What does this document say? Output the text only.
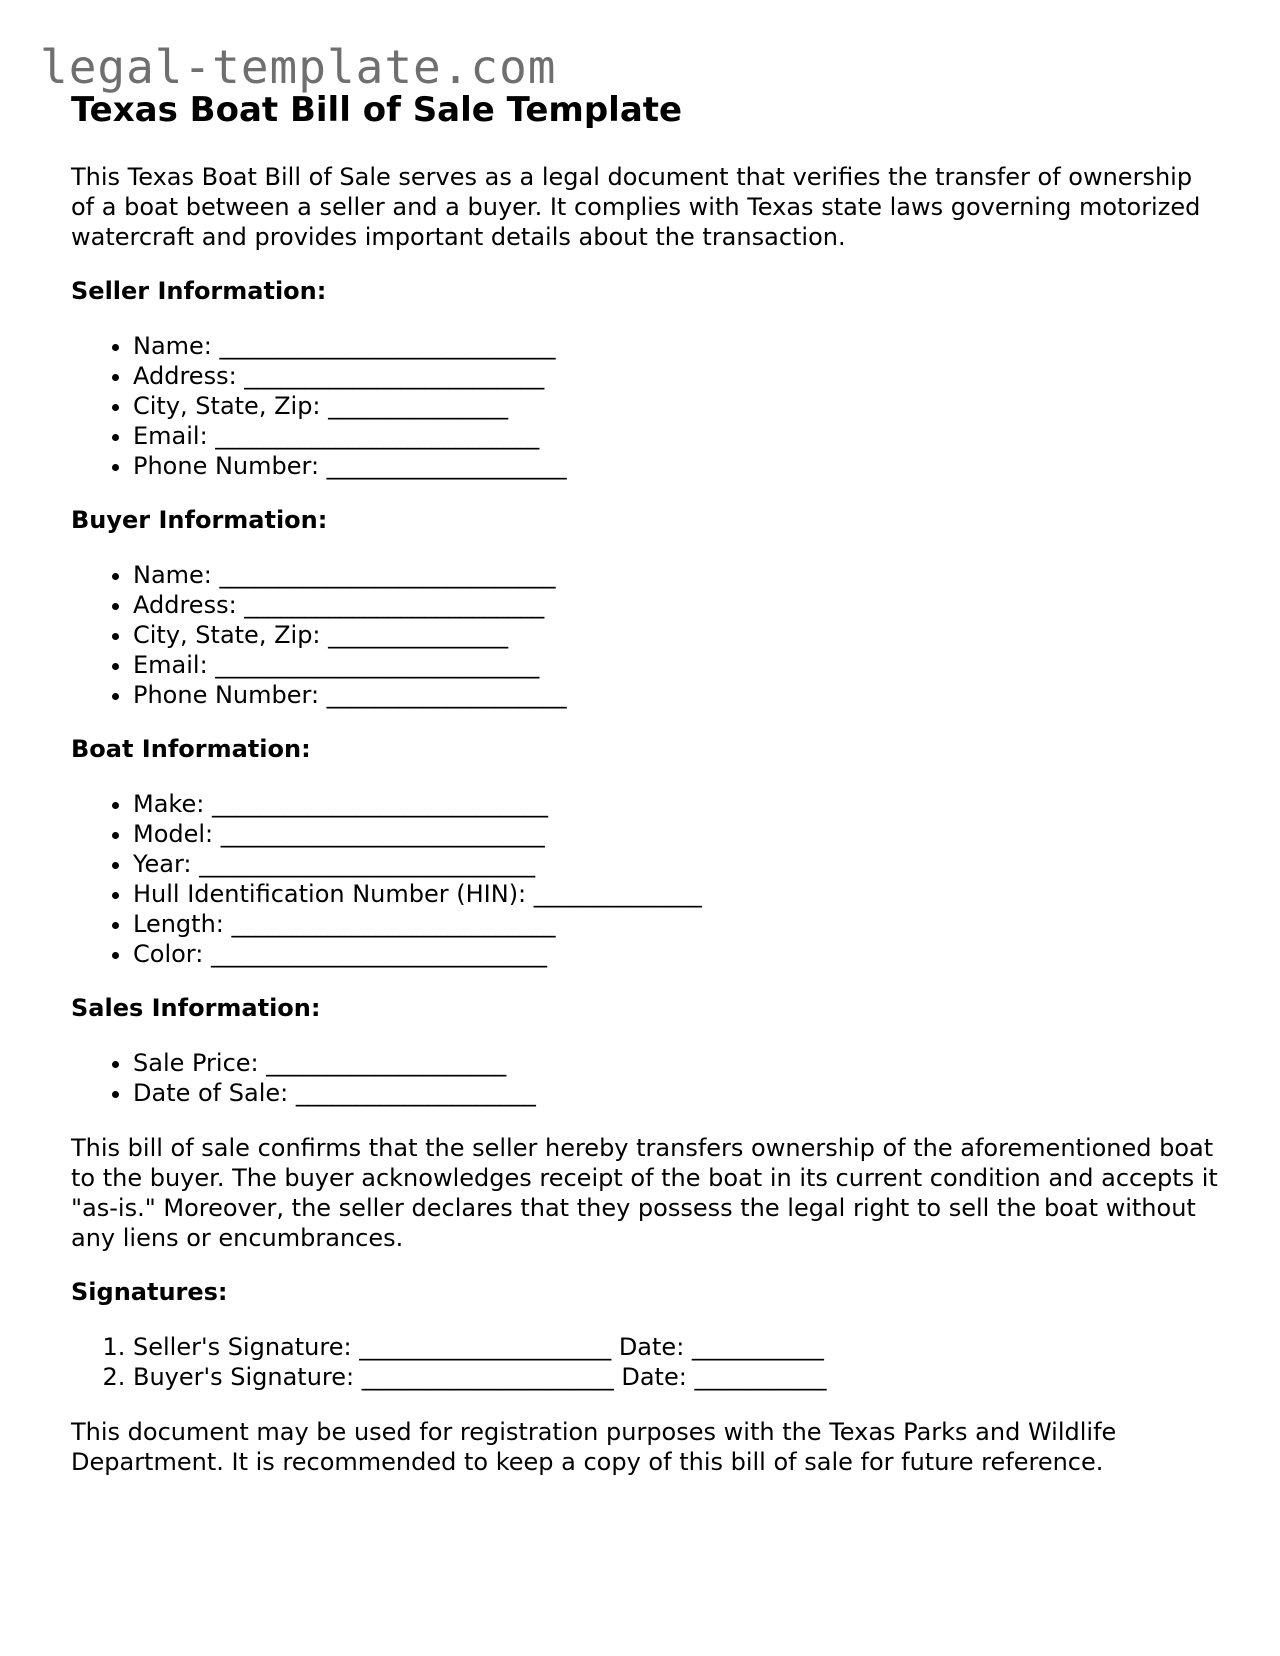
legal-template.com
Texas Boat Bill of Sale Template

This Texas Boat Bill of Sale serves as a legal document that verifies the transfer of ownership of a boat between a seller and a buyer. It complies with Texas state laws governing motorized watercraft and provides important details about the transaction.

Seller Information:
• Name: ____________________________
• Address: _________________________
• City, State, Zip: _______________
• Email: ___________________________
• Phone Number: ____________________
Buyer Information:
• Name: ____________________________
• Address: _________________________
• City, State, Zip: _______________
• Email: ___________________________
• Phone Number: ____________________
Boat Information:
• Make: ____________________________
• Model: ___________________________
• Year: ____________________________
• Hull Identification Number (HIN): ______________
• Length: ___________________________
• Color: ____________________________
Sales Information:
• Sale Price: ____________________
• Date of Sale: ____________________

This bill of sale confirms that the seller hereby transfers ownership of the aforementioned boat to the buyer. The buyer acknowledges receipt of the boat in its current condition and accepts it "as-is." Moreover, the seller declares that they possess the legal right to sell the boat without any liens or encumbrances.

Signatures:
1. Seller's Signature: _____________________ Date: ___________
2. Buyer's Signature: _____________________ Date: ___________

This document may be used for registration purposes with the Texas Parks and Wildlife Department. It is recommended to keep a copy of this bill of sale for future reference.
